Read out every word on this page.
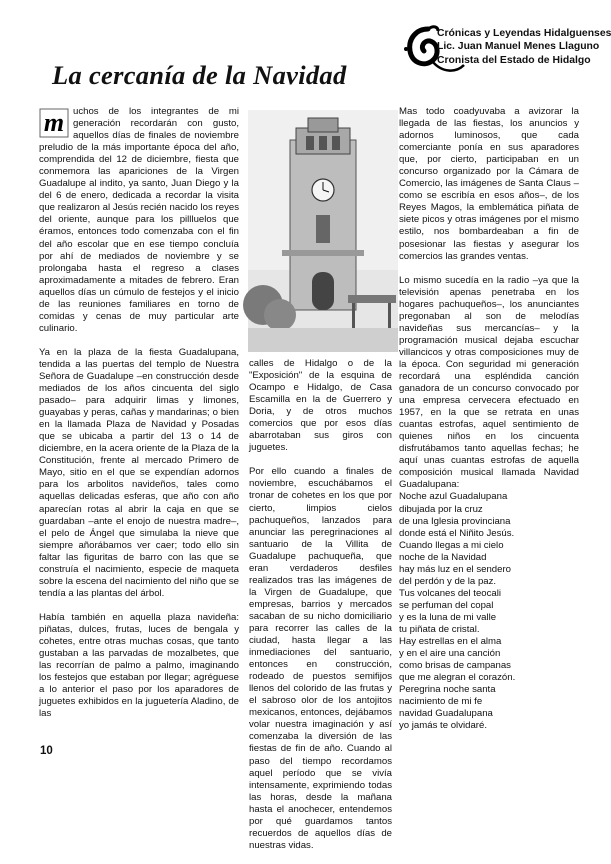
Crónicas y Leyendas Hidalguenses
Lic. Juan Manuel Menes Llaguno
Cronista del Estado de Hidalgo
La cercanía de la Navidad

m uchos de los integrantes de mi generación recordarán con gusto, aquellos días de finales de noviembre preludio de la más importante época del año, comprendida del 12 de diciembre, fiesta que conmemora las apariciones de la Virgen Guadalupe al indito, ya santo, Juan Diego y la del 6 de enero, dedicada a recordar la visita que realizaron al Jesús recién nacido los reyes del oriente, aunque para los pillluelos que éramos, entonces todo comenzaba con el fin del año escolar que en ese tiempo concluía por ahí de mediados de noviembre y se prolongaba hasta el regreso a clases aproximadamente a mitades de febrero. Eran aquellos días un cúmulo de festejos y el inicio de las reuniones familiares en torno de comidas y cenas de muy particular arte culinario.

Ya en la plaza de la fiesta Guadalupana, tendida a las puertas del templo de Nuestra Señora de Guadalupe –en construcción desde mediados de los años cincuenta del siglo pasado– para adquirir limas y limones, guayabas y peras, cañas y mandarinas; o bien en la llamada Plaza de Navidad y Posadas que se ubicaba a partir del 13 o 14 de diciembre, en la acera oriente de la Plaza de la Constitución, frente al mercado Primero de Mayo, sitio en el que se expendían adornos para los arbolitos navideños, tales como aquellas delicadas esferas, que año con año aparecían rotas al abrir la caja en que se guardaban –ante el enojo de nuestra madre–, el pelo de Ángel que simulaba la nieve que siempre añorábamos ver caer; todo ello sin faltar las figuritas de barro con las que se construía el nacimiento, especie de maqueta sobre la escena del nacimiento del niño que se tendía a las plantas del árbol.

Había también en aquella plaza navideña: piñatas, dulces, frutas, luces de bengala y cohetes, entre otras muchas cosas, que tanto gustaban a las parvadas de mozalbetes, que las recorrían de palmo a palmo, imaginando los festejos que estaban por llegar; agréguese a lo anterior el paso por los aparadores de juguetes exhibidos en la juguetería Aladino, de las

calles de Hidalgo o de la "Exposición" de la esquina de Ocampo e Hidalgo, de Casa Escamilla en la de Guerrero y Doria, y de otros muchos comercios que por esos días abarrotaban sus giros con juguetes.

Por ello cuando a finales de noviembre, escuchábamos el tronar de cohetes en los que por cierto, limpios cielos pachuqueños, lanzados para anunciar las peregrinaciones al santuario de la Villita de Guadalupe pachuqueña, que eran verdaderos desfiles realizados tras las imágenes de la Virgen de Guadalupe, que empresas, barrios y mercados sacaban de su nicho domiciliario para recorrer las calles de la ciudad, hasta llegar a las inmediaciones del santuario, entonces en construcción, rodeado de puestos semifijos llenos del colorido de las frutas y el sabroso olor de los antojitos mexicanos, entonces, dejábamos volar nuestra imaginación y así comenzaba la diversión de las fiestas de fin de año. Cuando al paso del tiempo recordamos aquel período que se vivía intensamente, exprimiendo todas las horas, desde la mañana hasta el anochecer, entendemos por qué guardamos tantos recuerdos de aquellos días de nuestras vidas.

Mas todo coadyuvaba a avizorar la llegada de las fiestas, los anuncios y adornos luminosos, que cada comerciante ponía en sus aparadores que, por cierto, participaban en un concurso organizado por la Cámara de Comercio, las imágenes de Santa Claus –como se escribía en esos años–, de los Reyes Magos, la emblemática piñata de siete picos y otras imágenes por el mismo estilo, nos bombardeaban a fin de posesionar las fiestas y asegurar los comercios las grandes ventas.

Lo mismo sucedía en la radio –ya que la televisión apenas penetraba en los hogares pachuqueños–, los anunciantes pregonaban al son de melodías navideñas sus mercancías– y la programación musical dejaba escuchar villancicos y otras composiciones muy de la época. Con seguridad mi generación recordará una espléndida canción ganadora de un concurso convocado por una empresa cervecera efectuado en 1957, en la que se retrata en unas cuantas estrofas, aquel sentimiento de quienes niños en los cincuenta disfrutábamos tanto aquellas fechas; he aquí unas cuantas estrofas de aquella composición musical llamada Navidad Guadalupana:

Noche azul Guadalupana
dibujada por la cruz
de una Iglesia provinciana
donde está el Niñito Jesús.
Cuando llegas a mi cielo
noche de la Navidad
hay más luz en el sendero
del perdón y de la paz.
Tus volcanes del teocali
se perfuman del copal
y es la luna de mi valle
tu piñata de cristal.
Hay estrellas en el alma
y en el aire una canción
como brisas de campanas
que me alegran el corazón.
Peregrina noche santa
nacimiento de mi fe
navidad Guadalupana
yo jamás te olvidaré.
10
